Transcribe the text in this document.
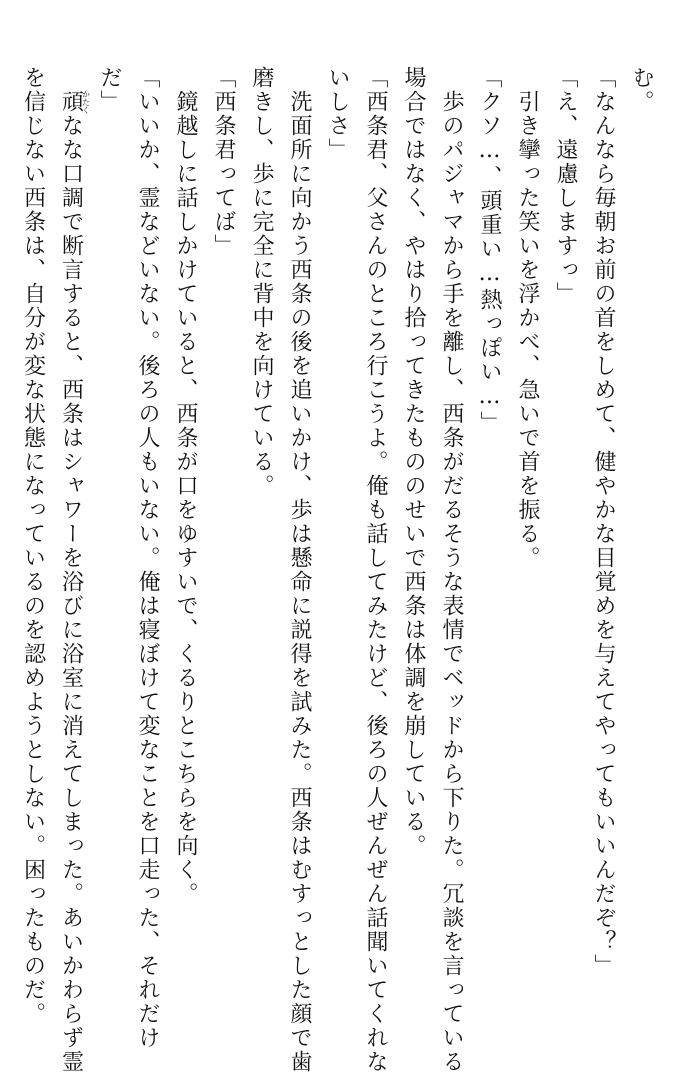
む。
「なんなら毎朝お前の首をしめて、健やかな目覚めを与えてやってもいいんだぞ？」
「え、遠慮しますっ」
　引き攣った笑いを浮かべ、急いで首を振る。
「クソ…、頭重い…熱っぽい…」
　歩のパジャマから手を離し、西条がだるそうな表情でベッドから下りた。冗談を言っている
場合ではなく、やはり拾ってきたもののせいで西条は体調を崩している。
「西条君、父さんのところ行こうよ。俺も話してみたけど、後ろの人ぜんぜん話聞いてくれな
いしさ」
　洗面所に向かう西条の後を追いかけ、歩は懸命に説得を試みた。西条はむすっとした顔で歯
磨きし、歩に完全に背中を向けている。
「西条君ってば」
　鏡越しに話しかけていると、西条が口をゆすいで、くるりとこちらを向く。
「いいか、霊などいない。後ろの人もいない。俺は寝ぼけて変なことを口走った、それだけ
だ」
　頑かたくなな口調で断言すると、西条はシャワーを浴びに浴室に消えてしまった。あいかわらず霊
を信じない西条は、自分が変な状態になっているのを認めようとしない。困ったものだ。
